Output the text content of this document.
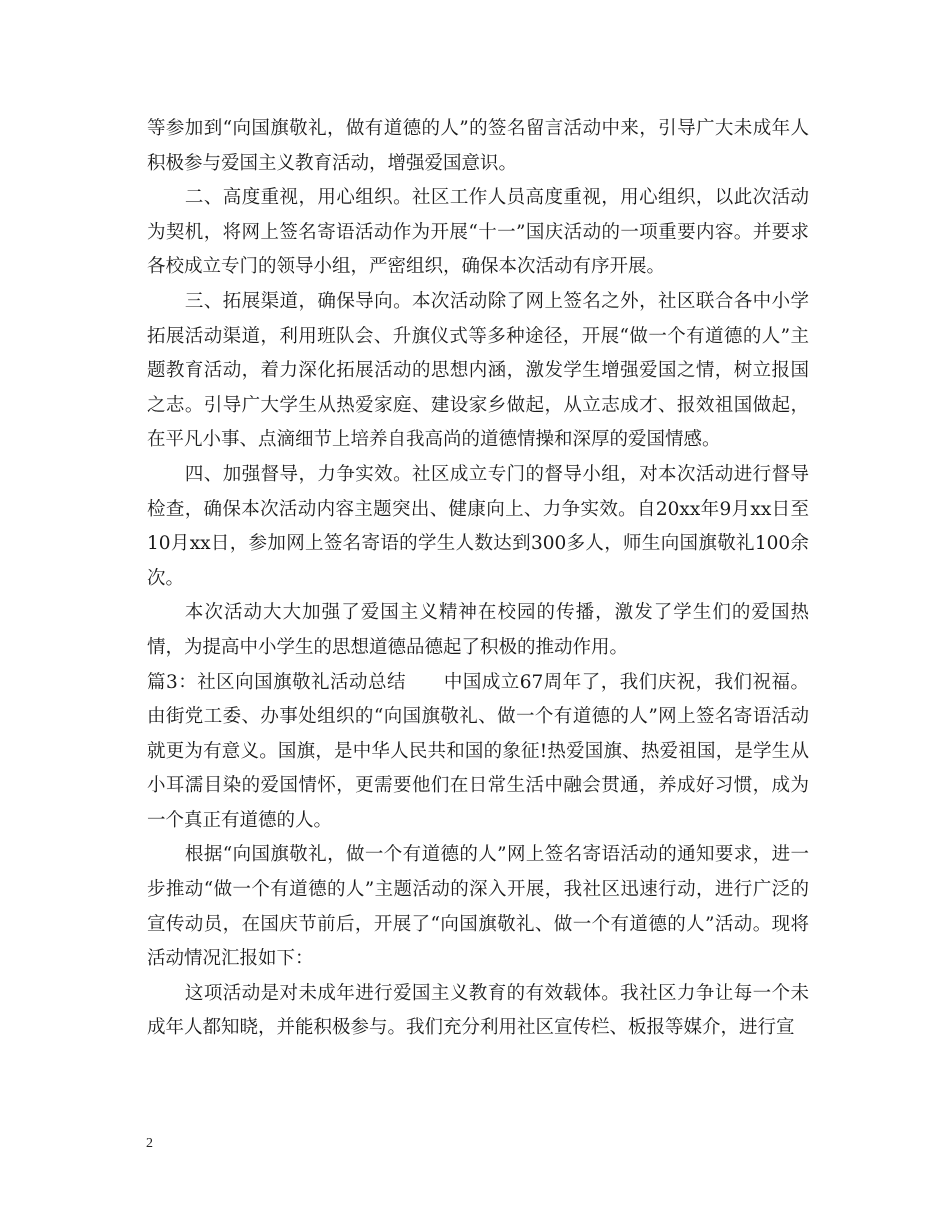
等参加到“向国旗敬礼，做有道德的人”的签名留言活动中来，引导广大未成年人积极参与爱国主义教育活动，增强爱国意识。

二、高度重视，用心组织。社区工作人员高度重视，用心组织，以此次活动为契机，将网上签名寄语活动作为开展“十一”国庆活动的一项重要内容。并要求各校成立专门的领导小组，严密组织，确保本次活动有序开展。

三、拓展渠道，确保导向。本次活动除了网上签名之外，社区联合各中小学拓展活动渠道，利用班队会、升旗仪式等多种途径，开展“做一个有道德的人”主题教育活动，着力深化拓展活动的思想内涵，激发学生增强爱国之情，树立报国之志。引导广大学生从热爱家庭、建设家乡做起，从立志成才、报效祖国做起，在平凡小事、点滴细节上培养自我高尚的道德情操和深厚的爱国情感。

四、加强督导，力争实效。社区成立专门的督导小组，对本次活动进行督导检查，确保本次活动内容主题突出、健康向上、力争实效。自20xx年9月xx日至10月xx日，参加网上签名寄语的学生人数达到300多人，师生向国旗敬礼100余次。

本次活动大大加强了爱国主义精神在校园的传播，激发了学生们的爱国热情，为提高中小学生的思想道德品德起了积极的推动作用。

篇3：社区向国旗敬礼活动总结　　中国成立67周年了，我们庆祝，我们祝福。由街党工委、办事处组织的“向国旗敬礼、做一个有道德的人”网上签名寄语活动就更为有意义。国旗，是中华人民共和国的象征!热爱国旗、热爱祖国，是学生从小耳濡目染的爱国情怀，更需要他们在日常生活中融会贯通，养成好习惯，成为一个真正有道德的人。

根据“向国旗敬礼，做一个有道德的人”网上签名寄语活动的通知要求，进一步推动“做一个有道德的人”主题活动的深入开展，我社区迅速行动，进行广泛的宣传动员，在国庆节前后，开展了“向国旗敬礼、做一个有道德的人”活动。现将活动情况汇报如下：

这项活动是对未成年进行爱国主义教育的有效载体。我社区力争让每一个未成年人都知晓，并能积极参与。我们充分利用社区宣传栏、板报等媒介，进行宣

2
